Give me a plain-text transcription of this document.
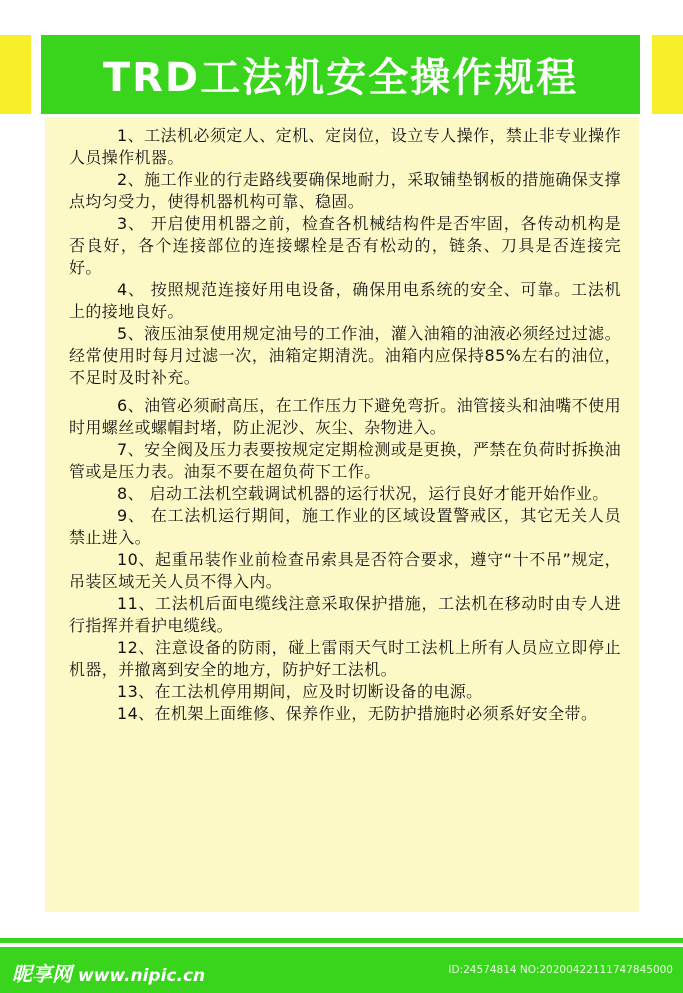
TRD工法机安全操作规程

1、工法机必须定人、定机、定岗位，设立专人操作，禁止非专业操作人员操作机器。

2、施工作业的行走路线要确保地耐力，采取铺垫钢板的措施确保支撑点均匀受力，使得机器机构可靠、稳固。

3、 开启使用机器之前，检查各机械结构件是否牢固，各传动机构是否良好，各个连接部位的连接螺栓是否有松动的，链条、刀具是否连接完好。

4、 按照规范连接好用电设备，确保用电系统的安全、可靠。工法机上的接地良好。

5、液压油泵使用规定油号的工作油，灌入油箱的油液必须经过过滤。经常使用时每月过滤一次，油箱定期清洗。油箱内应保持85%左右的油位，不足时及时补充。

6、油管必须耐高压，在工作压力下避免弯折。油管接头和油嘴不使用时用螺丝或螺帽封堵，防止泥沙、灰尘、杂物进入。

7、安全阀及压力表要按规定定期检测或是更换，严禁在负荷时拆换油管或是压力表。油泵不要在超负荷下工作。

8、 启动工法机空载调试机器的运行状况，运行良好才能开始作业。

9、 在工法机运行期间，施工作业的区域设置警戒区，其它无关人员禁止进入。

10、起重吊装作业前检查吊索具是否符合要求，遵守“十不吊”规定，吊装区域无关人员不得入内。

11、工法机后面电缆线注意采取保护措施，工法机在移动时由专人进行指挥并看护电缆线。

12、注意设备的防雨，碰上雷雨天气时工法机上所有人员应立即停止机器，并撤离到安全的地方，防护好工法机。

13、在工法机停用期间，应及时切断设备的电源。

14、在机架上面维修、保养作业，无防护措施时必须系好安全带。

昵享网 www.nipic.cn	ID:24574814 NO:20200422111747845000
